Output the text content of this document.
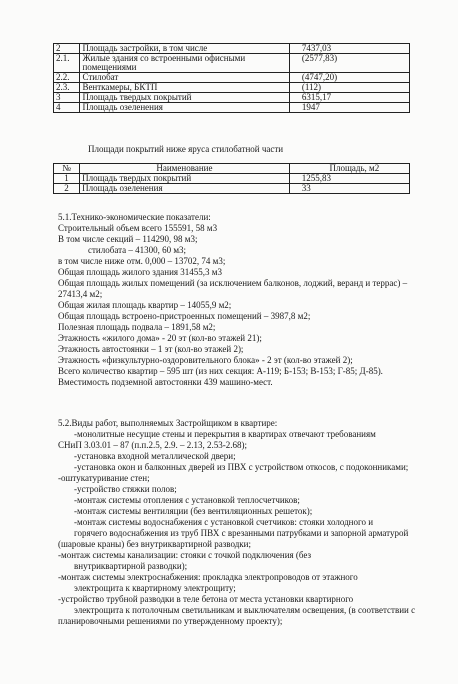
2	Площадь застройки, в том числе	7437,03
2.1.	Жилые здания со встроенными офисными помещениями	(2577,83)
2.2.	Стилобат	(4747,20)
2.3.	Венткамеры, БКТП	(112)
3	Площадь твердых покрытий	6315,17
4	Площадь озеленения	1947
Площади покрытий ниже яруса стилобатной части
№	Наименование	Площадь, м2
1	Площадь твердых покрытий	1255,83
2	Площадь озеленения	33
5.1.Технико-экономические показатели:
Строительный объем всего 155591, 58 м3
В том числе секций – 114290, 98 м3;
стилобата – 41300, 60 м3;
в том числе ниже отм. 0,000 – 13702, 74 м3;
Общая площадь жилого здания 31455,3 м3
Общая площадь жилых помещений (за исключением балконов, лоджий, веранд и террас) –
27413,4 м2;
Общая жилая площадь квартир – 14055,9 м2;
Общая площадь встроено-пристроенных помещений – 3987,8 м2;
Полезная площадь подвала – 1891,58 м2;
Этажность «жилого дома» - 20 эт (кол-во этажей 21);
Этажность автостоянки – 1 эт (кол-во этажей 2);
Этажность «физкультурно-оздоровительного блока» - 2 эт (кол-во этажей 2);
Всего количество квартир – 595 шт (из них секция: А-119; Б-153; В-153; Г-85; Д-85).
Вместимость подземной автостоянки 439 машино-мест.
5.2.Виды работ, выполняемых Застройщиком в квартире:
-монолитные несущие стены и перекрытия в квартирах отвечают требованиям
СНиП 3.03.01 – 87 (п.п.2.5, 2.9. – 2.13, 2.53-2.68);
-установка входной металлической двери;
-установка окон и балконных дверей из ПВХ с устройством откосов, с подоконниками;
-оштукатуривание стен;
-устройство стяжки полов;
-монтаж системы отопления с установкой теплосчетчиков;
-монтаж системы вентиляции (без вентиляционных решеток);
-монтаж системы водоснабжения с установкой счетчиков: стояки холодного и
горячего водоснабжения из труб ПВХ с врезанными патрубками и запорной арматурой
(шаровые краны) без внутриквартирной разводки;
-монтаж системы канализации: стояки с точкой подключения (без
внутриквартирной разводки);
-монтаж системы электроснабжения: прокладка электропроводов от этажного
электрощита к квартирному электрощиту;
-устройство трубной разводки в теле бетона от места установки квартирного
электрощита к потолочным светильникам и выключателям освещения, (в соответствии с
планировочными решениями по утвержденному проекту);
